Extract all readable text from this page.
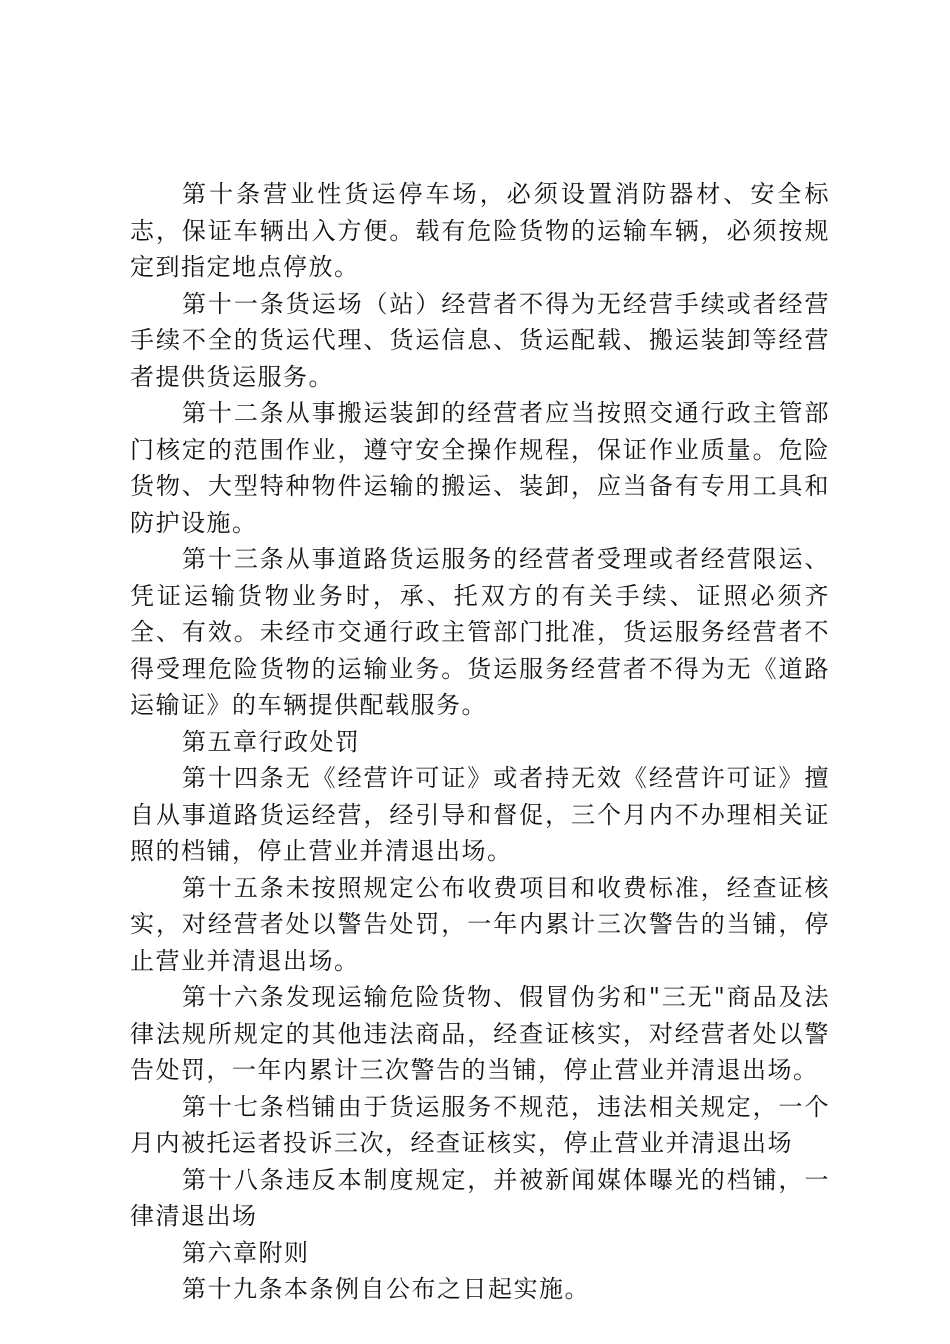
第十条营业性货运停车场，必须设置消防器材、安全标志，保证车辆出入方便。载有危险货物的运输车辆，必须按规定到指定地点停放。

第十一条货运场（站）经营者不得为无经营手续或者经营手续不全的货运代理、货运信息、货运配载、搬运装卸等经营者提供货运服务。

第十二条从事搬运装卸的经营者应当按照交通行政主管部门核定的范围作业，遵守安全操作规程，保证作业质量。危险货物、大型特种物件运输的搬运、装卸，应当备有专用工具和防护设施。

第十三条从事道路货运服务的经营者受理或者经营限运、凭证运输货物业务时，承、托双方的有关手续、证照必须齐全、有效。未经市交通行政主管部门批准，货运服务经营者不得受理危险货物的运输业务。货运服务经营者不得为无《道路运输证》的车辆提供配载服务。

第五章行政处罚

第十四条无《经营许可证》或者持无效《经营许可证》擅自从事道路货运经营，经引导和督促，三个月内不办理相关证照的档铺，停止营业并清退出场。

第十五条未按照规定公布收费项目和收费标准，经查证核实，对经营者处以警告处罚，一年内累计三次警告的当铺，停止营业并清退出场。

第十六条发现运输危险货物、假冒伪劣和"三无"商品及法律法规所规定的其他违法商品，经查证核实，对经营者处以警告处罚，一年内累计三次警告的当铺，停止营业并清退出场。

第十七条档铺由于货运服务不规范，违法相关规定，一个月内被托运者投诉三次，经查证核实，停止营业并清退出场

第十八条违反本制度规定，并被新闻媒体曝光的档铺，一律清退出场

第六章附则

第十九条本条例自公布之日起实施。
